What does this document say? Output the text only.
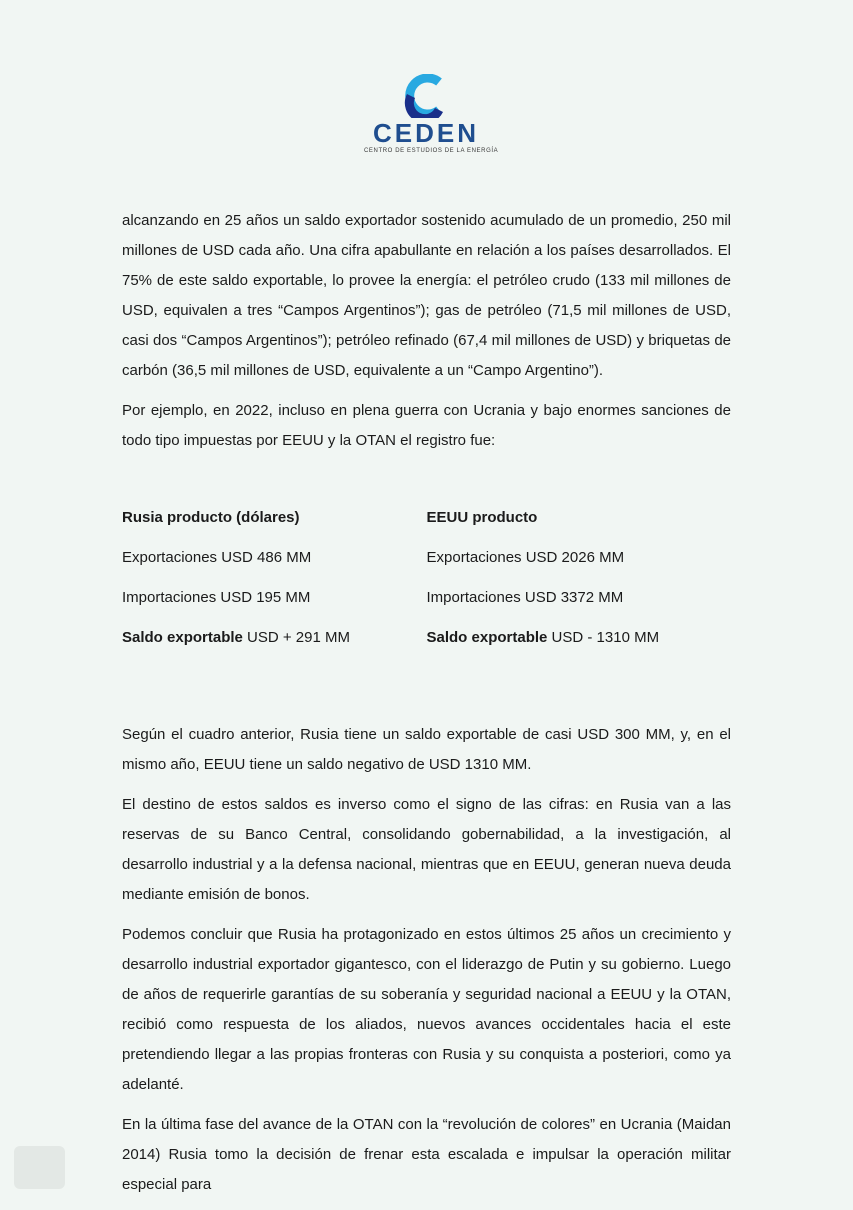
CEDEN
CENTRO DE ESTUDIOS DE LA ENERGÍA

alcanzando en 25 años un saldo exportador sostenido acumulado de un promedio, 250 mil millones de USD cada año. Una cifra apabullante en relación a los países desarrollados. El 75% de este saldo exportable, lo provee la energía: el petróleo crudo (133 mil millones de USD, equivalen a tres “Campos Argentinos”); gas de petróleo (71,5 mil millones de USD, casi dos “Campos Argentinos”); petróleo refinado (67,4 mil millones de USD) y briquetas de carbón (36,5 mil millones de USD, equivalente a un “Campo Argentino”).

Por ejemplo, en 2022, incluso en plena guerra con Ucrania y bajo enormes sanciones de todo tipo impuestas por EEUU y la OTAN el registro fue:

Rusia producto (dólares)
Exportaciones USD 486 MM
Importaciones USD 195 MM
Saldo exportable USD + 291 MM
EEUU producto
Exportaciones USD 2026 MM
Importaciones USD 3372 MM
Saldo exportable USD - 1310 MM

Según el cuadro anterior, Rusia tiene un saldo exportable de casi USD 300 MM, y, en el mismo año, EEUU tiene un saldo negativo de USD 1310 MM.

El destino de estos saldos es inverso como el signo de las cifras: en Rusia van a las reservas de su Banco Central, consolidando gobernabilidad, a la investigación, al desarrollo industrial y a la defensa nacional, mientras que en EEUU, generan nueva deuda mediante emisión de bonos.

Podemos concluir que Rusia ha protagonizado en estos últimos 25 años un crecimiento y desarrollo industrial exportador gigantesco, con el liderazgo de Putin y su gobierno. Luego de años de requerirle garantías de su soberanía y seguridad nacional a EEUU y la OTAN, recibió como respuesta de los aliados, nuevos avances occidentales hacia el este pretendiendo llegar a las propias fronteras con Rusia y su conquista a posteriori, como ya adelanté.

En la última fase del avance de la OTAN con la “revolución de colores” en Ucrania (Maidan 2014) Rusia tomo la decisión de frenar esta escalada e impulsar la operación militar especial para
